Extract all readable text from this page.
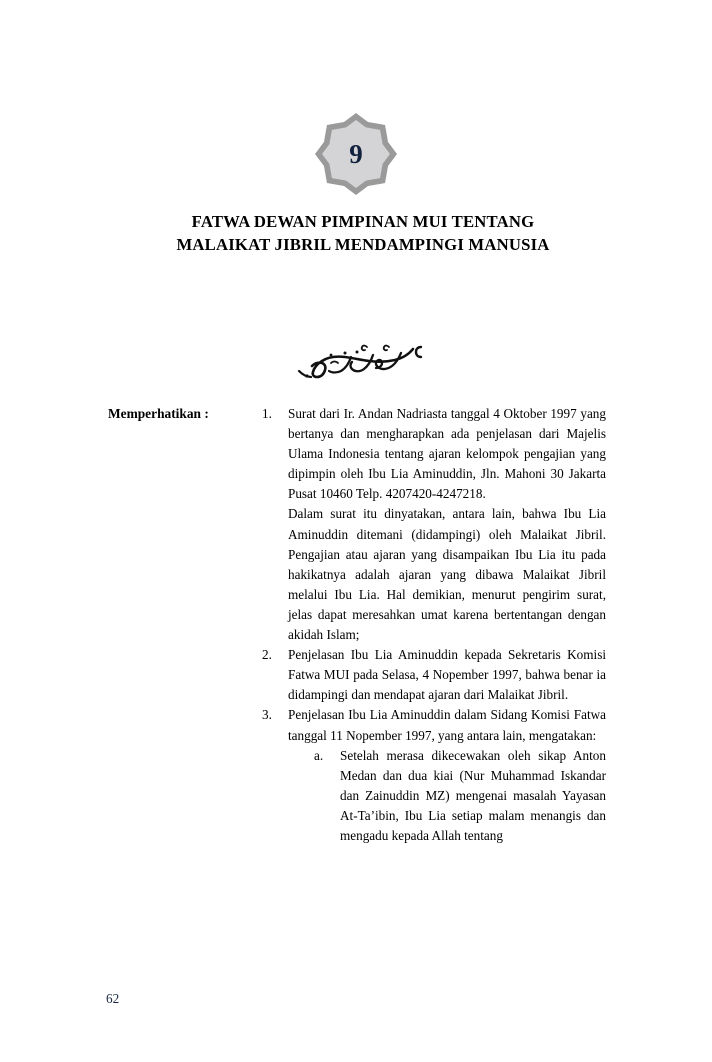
9
FATWA DEWAN PIMPINAN MUI TENTANG
MALAIKAT JIBRIL MENDAMPINGI MANUSIA
Memperhatikan :	1.	Surat dari Ir. Andan Nadriasta tanggal 4 Oktober 1997 yang bertanya dan mengharapkan ada penjelasan dari Majelis Ulama Indonesia tentang ajaran kelompok pengajian yang dipimpin oleh Ibu Lia Aminuddin, Jln. Mahoni 30 Jakarta Pusat 10460 Telp. 4207420-4247218.

Dalam surat itu dinyatakan, antara lain, bahwa Ibu Lia Aminuddin ditemani (didampingi) oleh Malaikat Jibril. Pengajian atau ajaran yang disampaikan Ibu Lia itu pada hakikatnya adalah ajaran yang dibawa Malaikat Jibril melalui Ibu Lia. Hal demikian, menurut pengirim surat, jelas dapat meresahkan umat karena bertentangan dengan akidah Islam;

2.	Penjelasan Ibu Lia Aminuddin kepada Sekretaris Komisi Fatwa MUI pada Selasa, 4 Nopember 1997, bahwa benar ia didampingi dan mendapat ajaran dari Malaikat Jibril.

3.	Penjelasan Ibu Lia Aminuddin dalam Sidang Komisi Fatwa tanggal 11 Nopember 1997, yang antara lain, mengatakan:

a.	Setelah merasa dikecewakan oleh sikap Anton Medan dan dua kiai (Nur Muhammad Iskandar dan Zainuddin MZ) mengenai masalah Yayasan At-Ta’ibin, Ibu Lia setiap malam menangis dan mengadu kepada Allah tentang
62
